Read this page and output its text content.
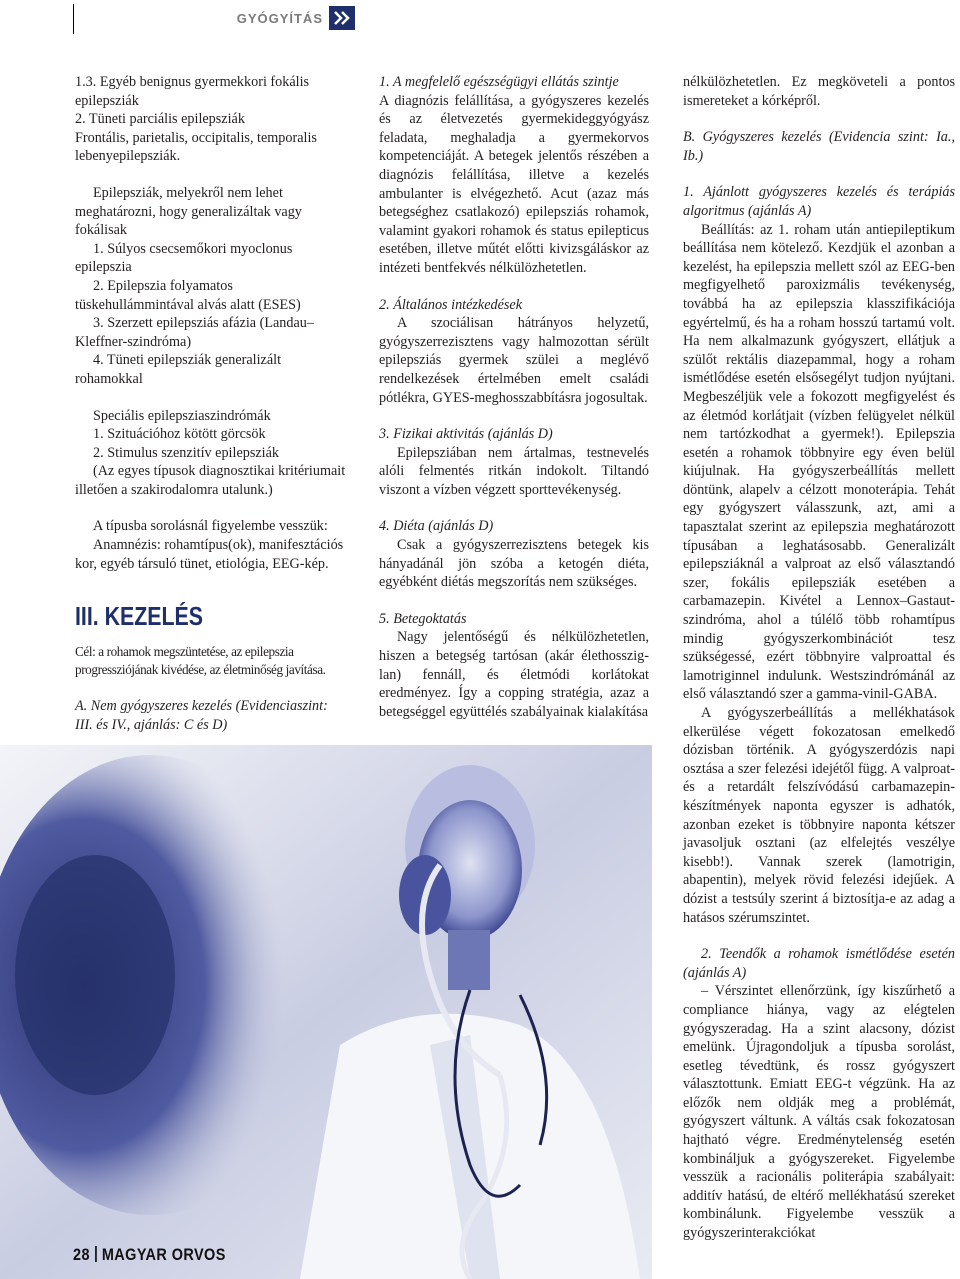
GYÓGYÍTÁS

1.3. Egyéb benignus gyermekkori fokális epilepsziák

2. Tüneti parciális epilepsziák

Frontális, parietalis, occipitalis, temporalis lebenyepilepsziák.

Epilepsziák, melyekről nem lehet meghatározni, hogy generalizáltak vagy fokálisak

1. Súlyos csecsemőkori myoclonus epilepszia

2. Epilepszia folyamatos tüskehullámmintával alvás alatt (ESES)

3. Szerzett epilepsziás afázia (Landau–Kleffner-szindróma)

4. Tüneti epilepsziák generalizált rohamokkal

Speciális epilepsziaszindrómák

1. Szituációhoz kötött görcsök

2. Stimulus szenzitív epilepsziák

(Az egyes típusok diagnosztikai kritériumait illetően a szakirodalomra utalunk.)

A típusba sorolásnál figyelembe vesszük:

Anamnézis: rohamtípus(ok), manifesztációs kor, egyéb társuló tünet, etiológia, EEG-kép.

III. KEZELÉS

Cél: a rohamok megszüntetése, az epilepszia progressziójának kivédése, az életminőség javítása.

A. Nem gyógyszeres kezelés (Evidenciaszint: III. és IV., ajánlás: C és D)

1. A megfelelő egészségügyi ellátás szintje

A diagnózis felállítása, a gyógyszeres kezelés és az életvezetés gyermekideggyógyász feladata, meghaladja a gyermekorvos kompetenciáját. A betegek jelentős részében a diagnózis felállítása, illetve a kezelés ambulanter is elvégezhető. Acut (azaz más betegséghez csatlakozó) epilepsziás rohamok, valamint gyakori rohamok és status epilepticus esetében, illetve műtét előtti kivizsgáláskor az intézeti bentfekvés nélkülözhetetlen.

2. Általános intézkedések

A szociálisan hátrányos helyzetű, gyógyszerrezisztens vagy halmozottan sérült epilepsziás gyermek szülei a meglévő rendelkezések értelmében emelt családi pótlékra, GYES-meghosszabbításra jogosultak.

3. Fizikai aktivitás (ajánlás D)

Epilepsziában nem ártalmas, testnevelés alóli felmentés ritkán indokolt. Tiltandó viszont a vízben végzett sporttevékenység.

4. Diéta (ajánlás D)

Csak a gyógyszerrezisztens betegek kis hányadánál jön szóba a ketogén diéta, egyébként diétás megszorítás nem szükséges.

5. Betegoktatás

Nagy jelentőségű és nélkülözhetetlen, hiszen a betegség tartósan (akár élethosszig-lan) fennáll, és életmódi korlátokat eredményez. Így a copping stratégia, azaz a betegséggel együttélés szabályainak kialakítása

nélkülözhetetlen. Ez megköveteli a pontos ismereteket a kórképről.

B. Gyógyszeres kezelés (Evidencia szint: Ia., Ib.)

1. Ajánlott gyógyszeres kezelés és terápiás algoritmus (ajánlás A)

Beállítás: az 1. roham után antiepileptikum beállítása nem kötelező. Kezdjük el azonban a kezelést, ha epilepszia mellett szól az EEG-ben megfigyelhető paroxizmális tevékenység, továbbá ha az epilepszia klasszifikációja egyértelmű, és ha a roham hosszú tartamú volt. Ha nem alkalmazunk gyógyszert, ellátjuk a szülőt rektális diazepammal, hogy a roham ismétlődése esetén elsősegélyt tudjon nyújtani. Megbeszéljük vele a fokozott megfigyelést és az életmód korlátjait (vízben felügyelet nélkül nem tartózkodhat a gyermek!). Epilepszia esetén a rohamok többnyire egy éven belül kiújulnak. Ha gyógyszerbeállítás mellett döntünk, alapelv a célzott monoterápia. Tehát egy gyógyszert válasszunk, azt, ami a tapasztalat szerint az epilepszia meghatározott típusában a leghatásosabb. Generalizált epilepsziáknál a valproat az első választandó szer, fokális epilepsziák esetében a carbamazepin. Kivétel a Lennox–Gastaut-szindróma, ahol a túlélő több rohamtípus mindig gyógyszerkombinációt tesz szükségessé, ezért többnyire valproattal és lamotriginnel indulunk. Westszindrómánál az első választandó szer a gamma-vinil-GABA.

A gyógyszerbeállítás a mellékhatások elkerülése végett fokozatosan emelkedő dózisban történik. A gyógyszerdózis napi osztása a szer felezési idejétől függ. A valproat- és a retardált felszívódású carbamazepin-készítmények naponta egyszer is adhatók, azonban ezeket is többnyire naponta kétszer javasoljuk osztani (az elfelejtés veszélye kisebb!). Vannak szerek (lamotrigin, abapentin), melyek rövid felezési idejűek. A dózist a testsúly szerint á biztosítja-e az adag a hatásos szérumszintet.

2. Teendők a rohamok ismétlődése esetén (ajánlás A)

– Vérszintet ellenőrzünk, így kiszűrhető a compliance hiánya, vagy az elégtelen gyógyszeradag. Ha a szint alacsony, dózist emelünk. Újragondoljuk a típusba sorolást, esetleg tévedtünk, és rossz gyógyszert választottunk. Emiatt EEG-t végzünk. Ha az előzők nem oldják meg a problémát, gyógyszert váltunk. A váltás csak fokozatosan hajtható végre. Eredménytelenség esetén kombináljuk a gyógyszereket. Figyelembe vesszük a racionális politerápia szabályait: additív hatású, de eltérő mellékhatású szereket kombinálunk. Figyelembe vesszük a gyógyszerinterakciókat

28 MAGYAR ORVOS
